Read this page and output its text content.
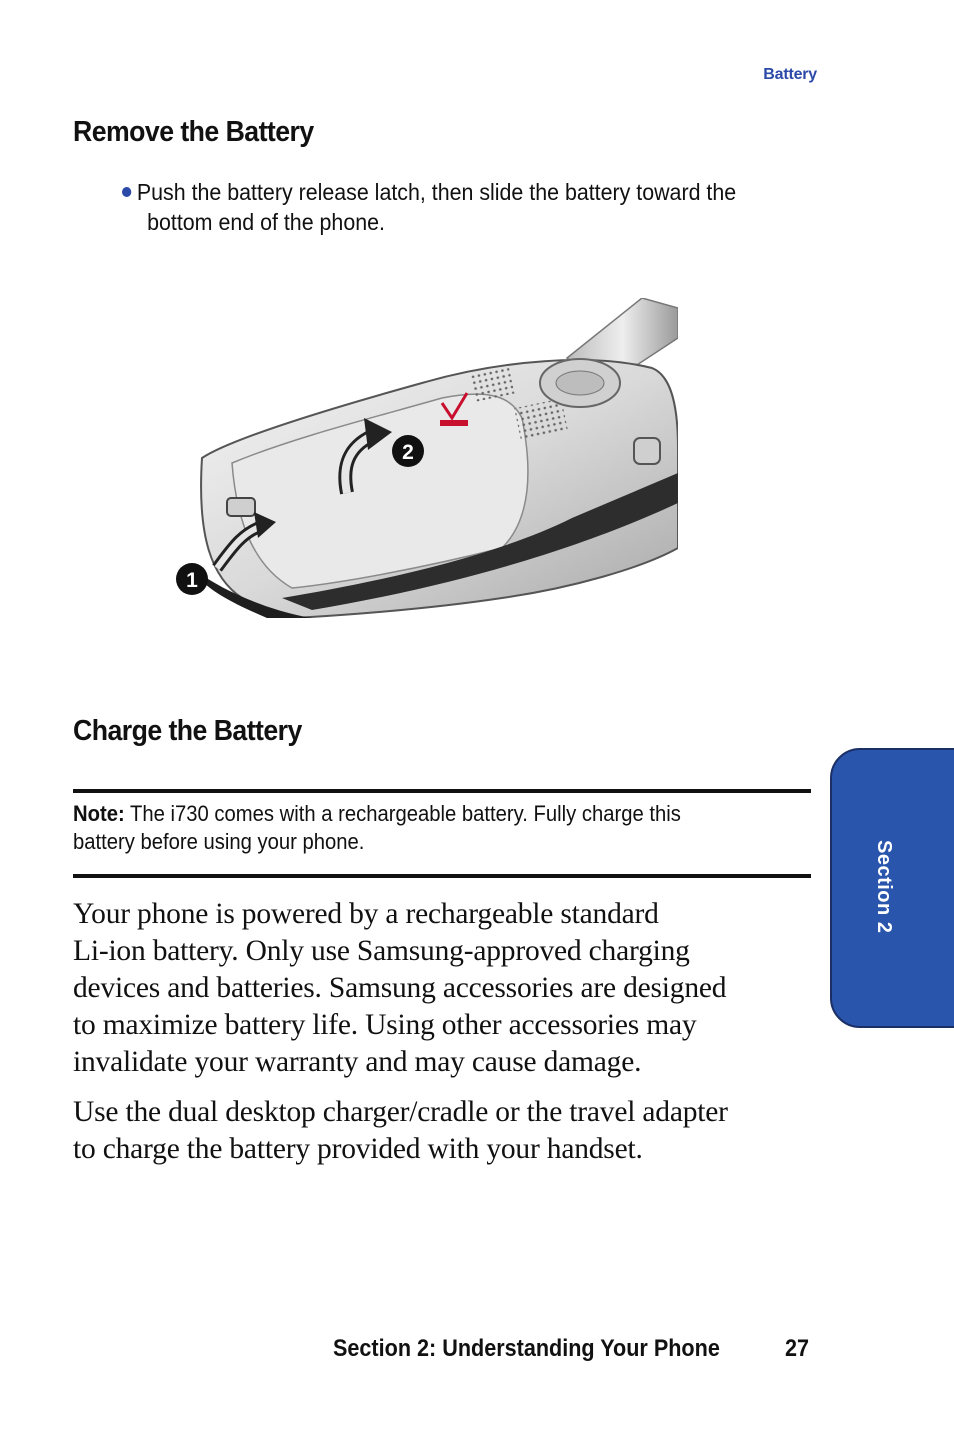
Battery
Remove the Battery
Push the battery release latch, then slide the battery toward the
bottom end of the phone.
1
2
Charge the Battery
Note: The i730 comes with a rechargeable battery. Fully charge this
battery before using your phone.
Your phone is powered by a rechargeable standard
Li-ion battery. Only use Samsung-approved charging
devices and batteries. Samsung accessories are designed
to maximize battery life. Using other accessories may
invalidate your warranty and may cause damage.
Use the dual desktop charger/cradle or the travel adapter
to charge the battery provided with your handset.
Section 2
Section 2: Understanding Your Phone	27
